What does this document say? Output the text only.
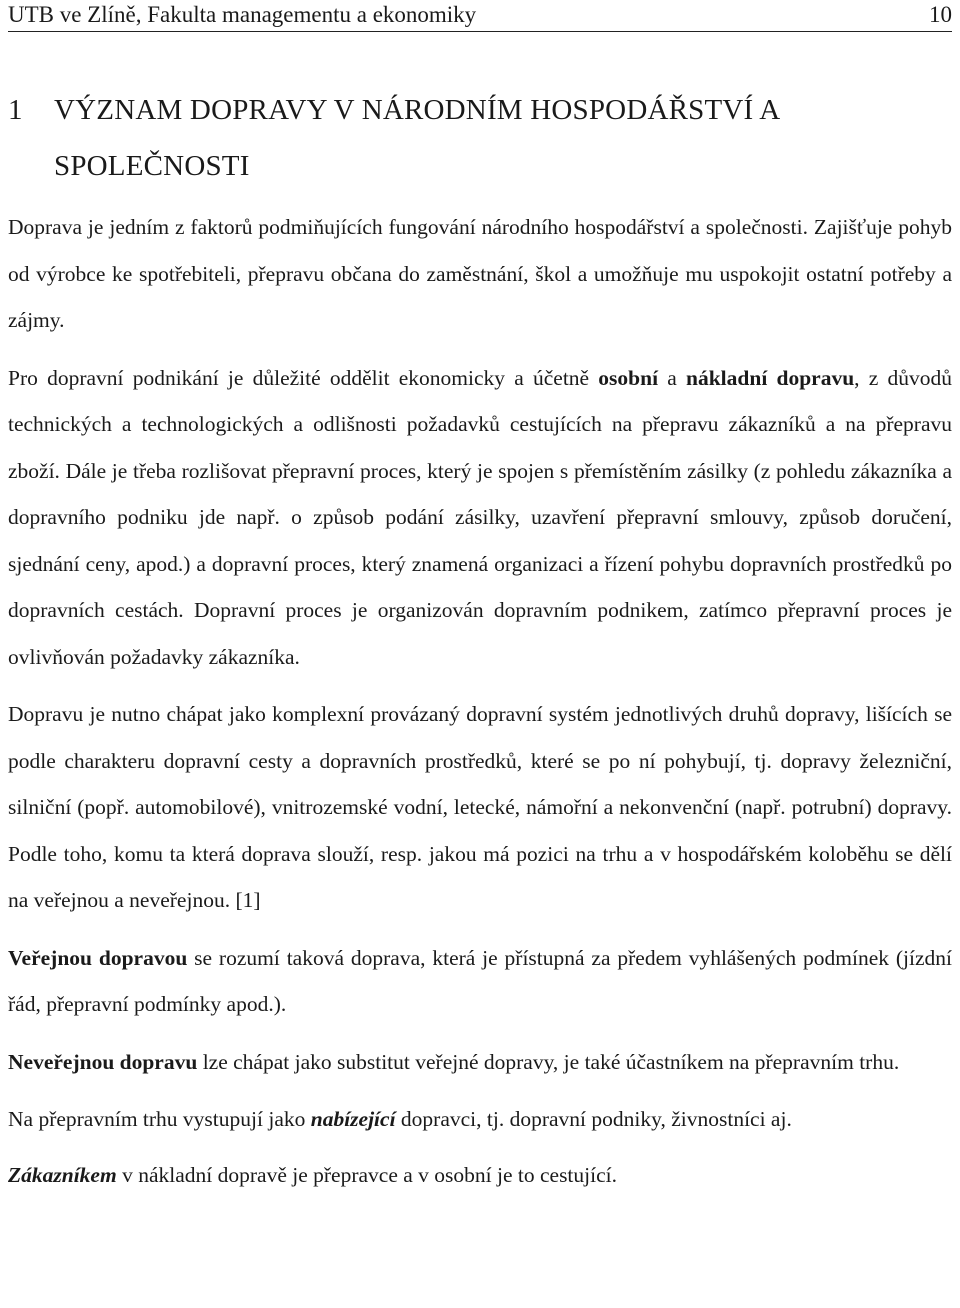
UTB ve Zlíně, Fakulta managementu a ekonomiky	10
1	VÝZNAM DOPRAVY V NÁRODNÍM HOSPODÁŘSTVÍ A SPOLEČNOSTI

Doprava je jedním z faktorů podmiňujících fungování národního hospodářství a společnosti. Zajišťuje pohyb od výrobce ke spotřebiteli, přepravu občana do zaměstnání, škol a umožňuje mu uspokojit ostatní potřeby a zájmy.

Pro dopravní podnikání je důležité oddělit ekonomicky a účetně osobní a nákladní dopravu, z důvodů technických a technologických a odlišnosti požadavků cestujících na přepravu zákazníků a na přepravu zboží. Dále je třeba rozlišovat přepravní proces, který je spojen s přemístěním zásilky (z pohledu zákazníka a dopravního podniku jde např. o způsob podání zásilky, uzavření přepravní smlouvy, způsob doručení, sjednání ceny, apod.) a dopravní proces, který znamená organizaci a řízení pohybu dopravních prostředků po dopravních cestách. Dopravní proces je organizován dopravním podnikem, zatímco přepravní proces je ovlivňován požadavky zákazníka.

Dopravu je nutno chápat jako komplexní provázaný dopravní systém jednotlivých druhů dopravy, lišících se podle charakteru dopravní cesty a dopravních prostředků, které se po ní pohybují, tj. dopravy železniční, silniční (popř. automobilové), vnitrozemské vodní, letecké, námořní a nekonvenční (např. potrubní) dopravy. Podle toho, komu ta která doprava slouží, resp. jakou má pozici na trhu a v hospodářském koloběhu se dělí na veřejnou a neveřejnou. [1]

Veřejnou dopravou se rozumí taková doprava, která je přístupná za předem vyhlášených podmínek (jízdní řád, přepravní podmínky apod.).

Neveřejnou dopravu lze chápat jako substitut veřejné dopravy, je také účastníkem na přepravním trhu.

Na přepravním trhu vystupují jako nabízející dopravci, tj. dopravní podniky, živnostníci aj.

Zákazníkem v nákladní dopravě je přepravce a v osobní je to cestující.
